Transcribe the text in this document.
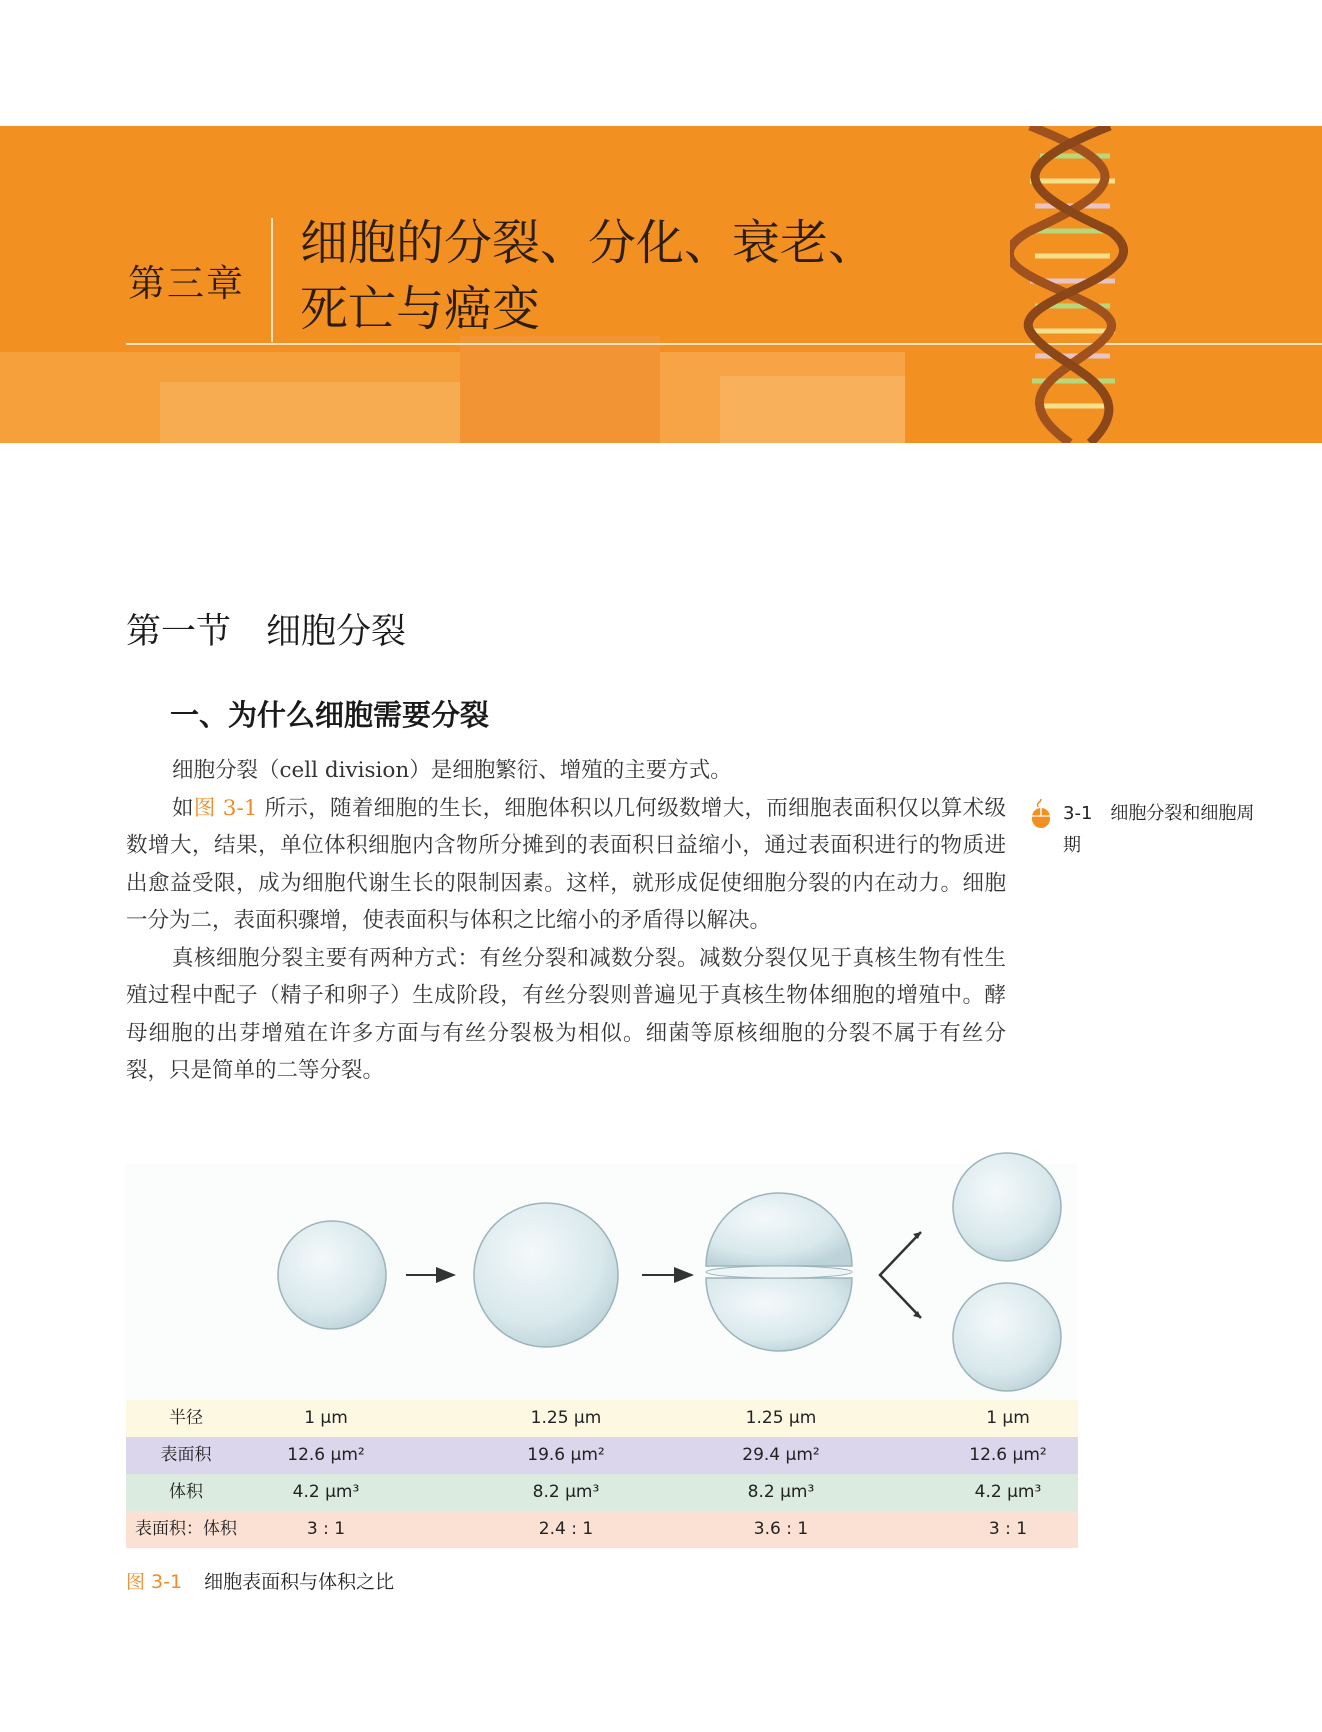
第三章
细胞的分裂、分化、衰老、
死亡与癌变
第一节　细胞分裂
一、为什么细胞需要分裂

细胞分裂（cell division）是细胞繁衍、增殖的主要方式。

如图 3-1 所示，随着细胞的生长，细胞体积以几何级数增大，而细胞表面积仅以算术级数增大，结果，单位体积细胞内含物所分摊到的表面积日益缩小，通过表面积进行的物质进出愈益受限，成为细胞代谢生长的限制因素。这样，就形成促使细胞分裂的内在动力。细胞一分为二，表面积骤增，使表面积与体积之比缩小的矛盾得以解决。

真核细胞分裂主要有两种方式：有丝分裂和减数分裂。减数分裂仅见于真核生物有性生殖过程中配子（精子和卵子）生成阶段，有丝分裂则普遍见于真核生物体细胞的增殖中。酵母细胞的出芽增殖在许多方面与有丝分裂极为相似。细菌等原核细胞的分裂不属于有丝分裂，只是简单的二等分裂。

3-1　细胞分裂和细胞周期
半径	1 μm	1.25 μm	1.25 μm	1 μm
表面积	12.6 μm²	19.6 μm²	29.4 μm²	12.6 μm²
体积	4.2 μm³	8.2 μm³	8.2 μm³	4.2 μm³
表面积：体积	3 : 1	2.4 : 1	3.6 : 1	3 : 1
图 3-1 细胞表面积与体积之比
